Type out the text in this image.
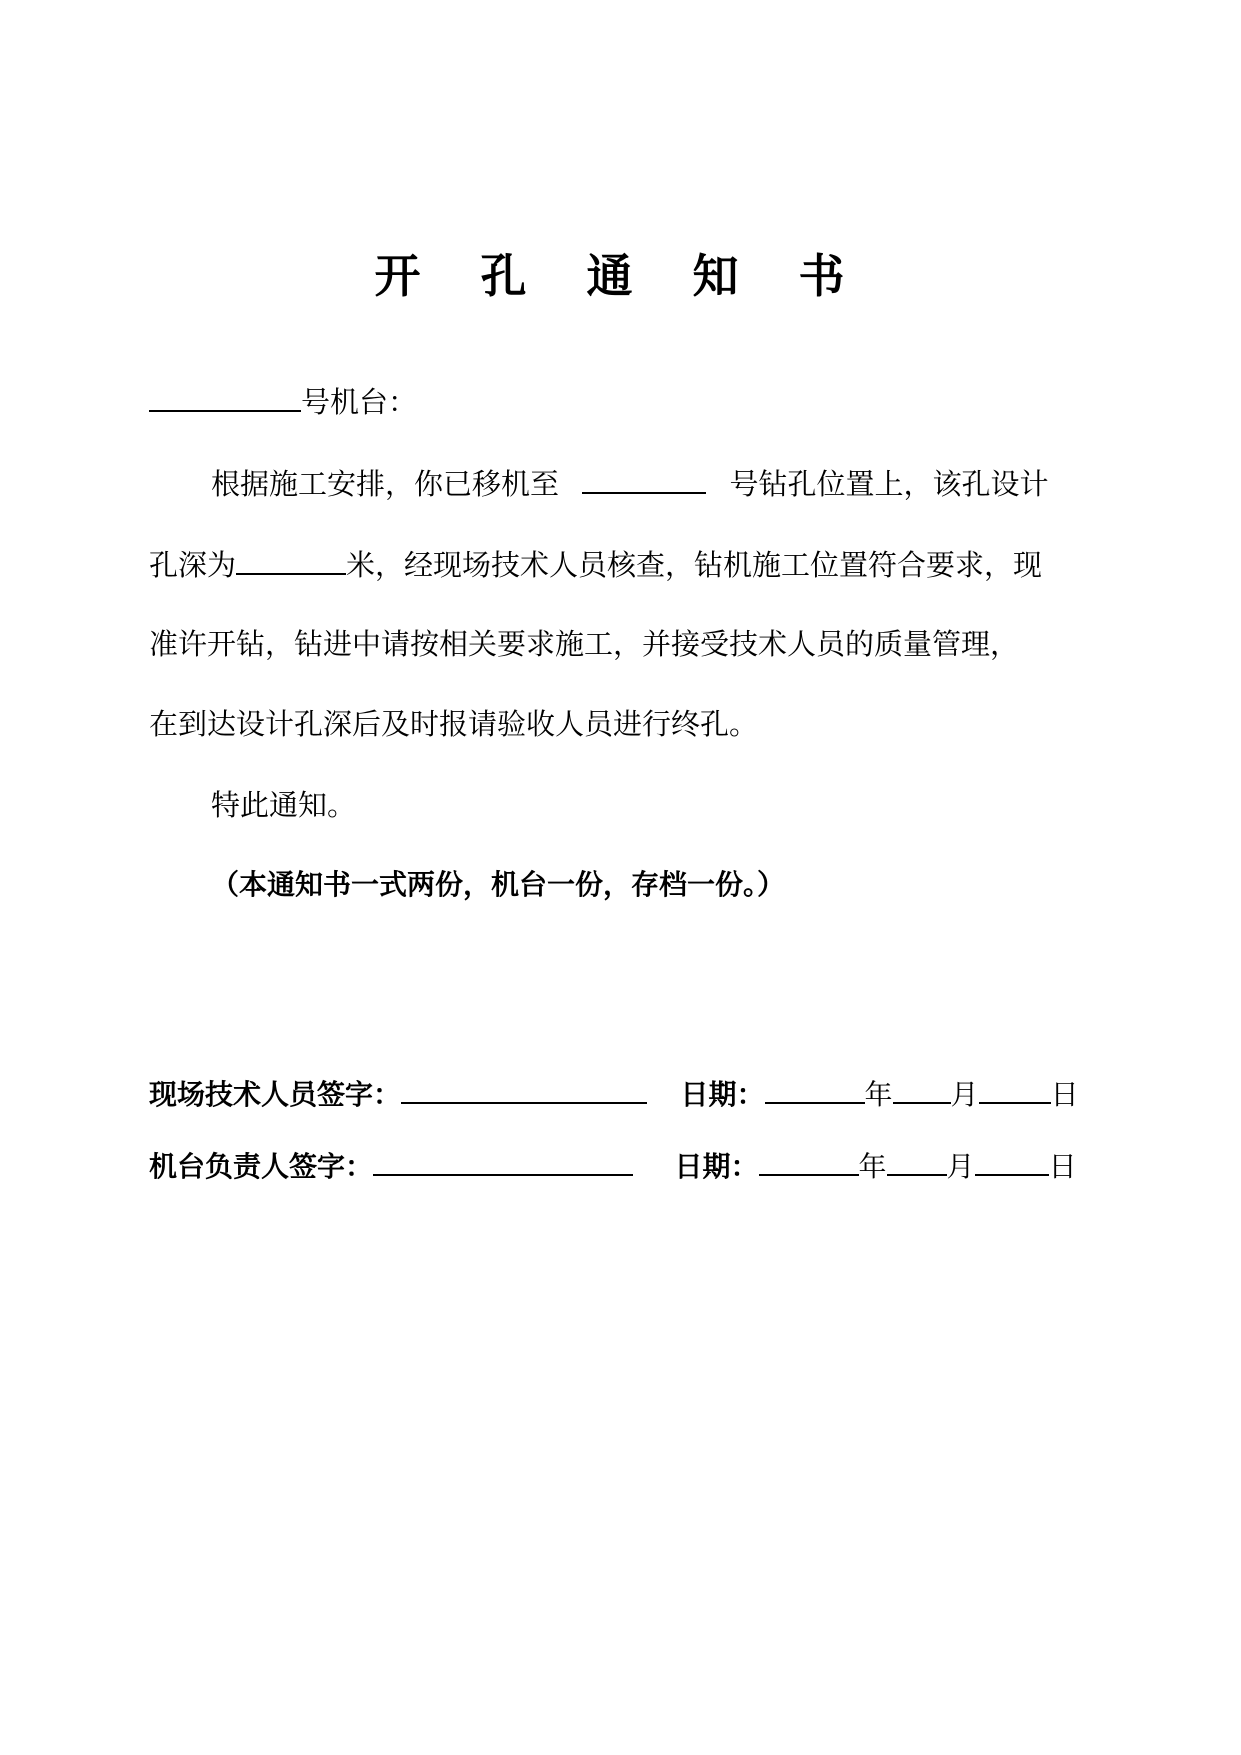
开 孔 通 知 书
号机台：
根据施工安排，你已移机至	号钻孔位置上，该孔设计
孔深为	米，经现场技术人员核查，钻机施工位置符合要求，现
准许开钻，钻进中请按相关要求施工，并接受技术人员的质量管理，
在到达设计孔深后及时报请验收人员进行终孔。
特此通知。
（本通知书一式两份，机台一份，存档一份。）
现场技术人员签字：	日期：	年 月	日
机台负责人签字：	日期：	年 月	日
